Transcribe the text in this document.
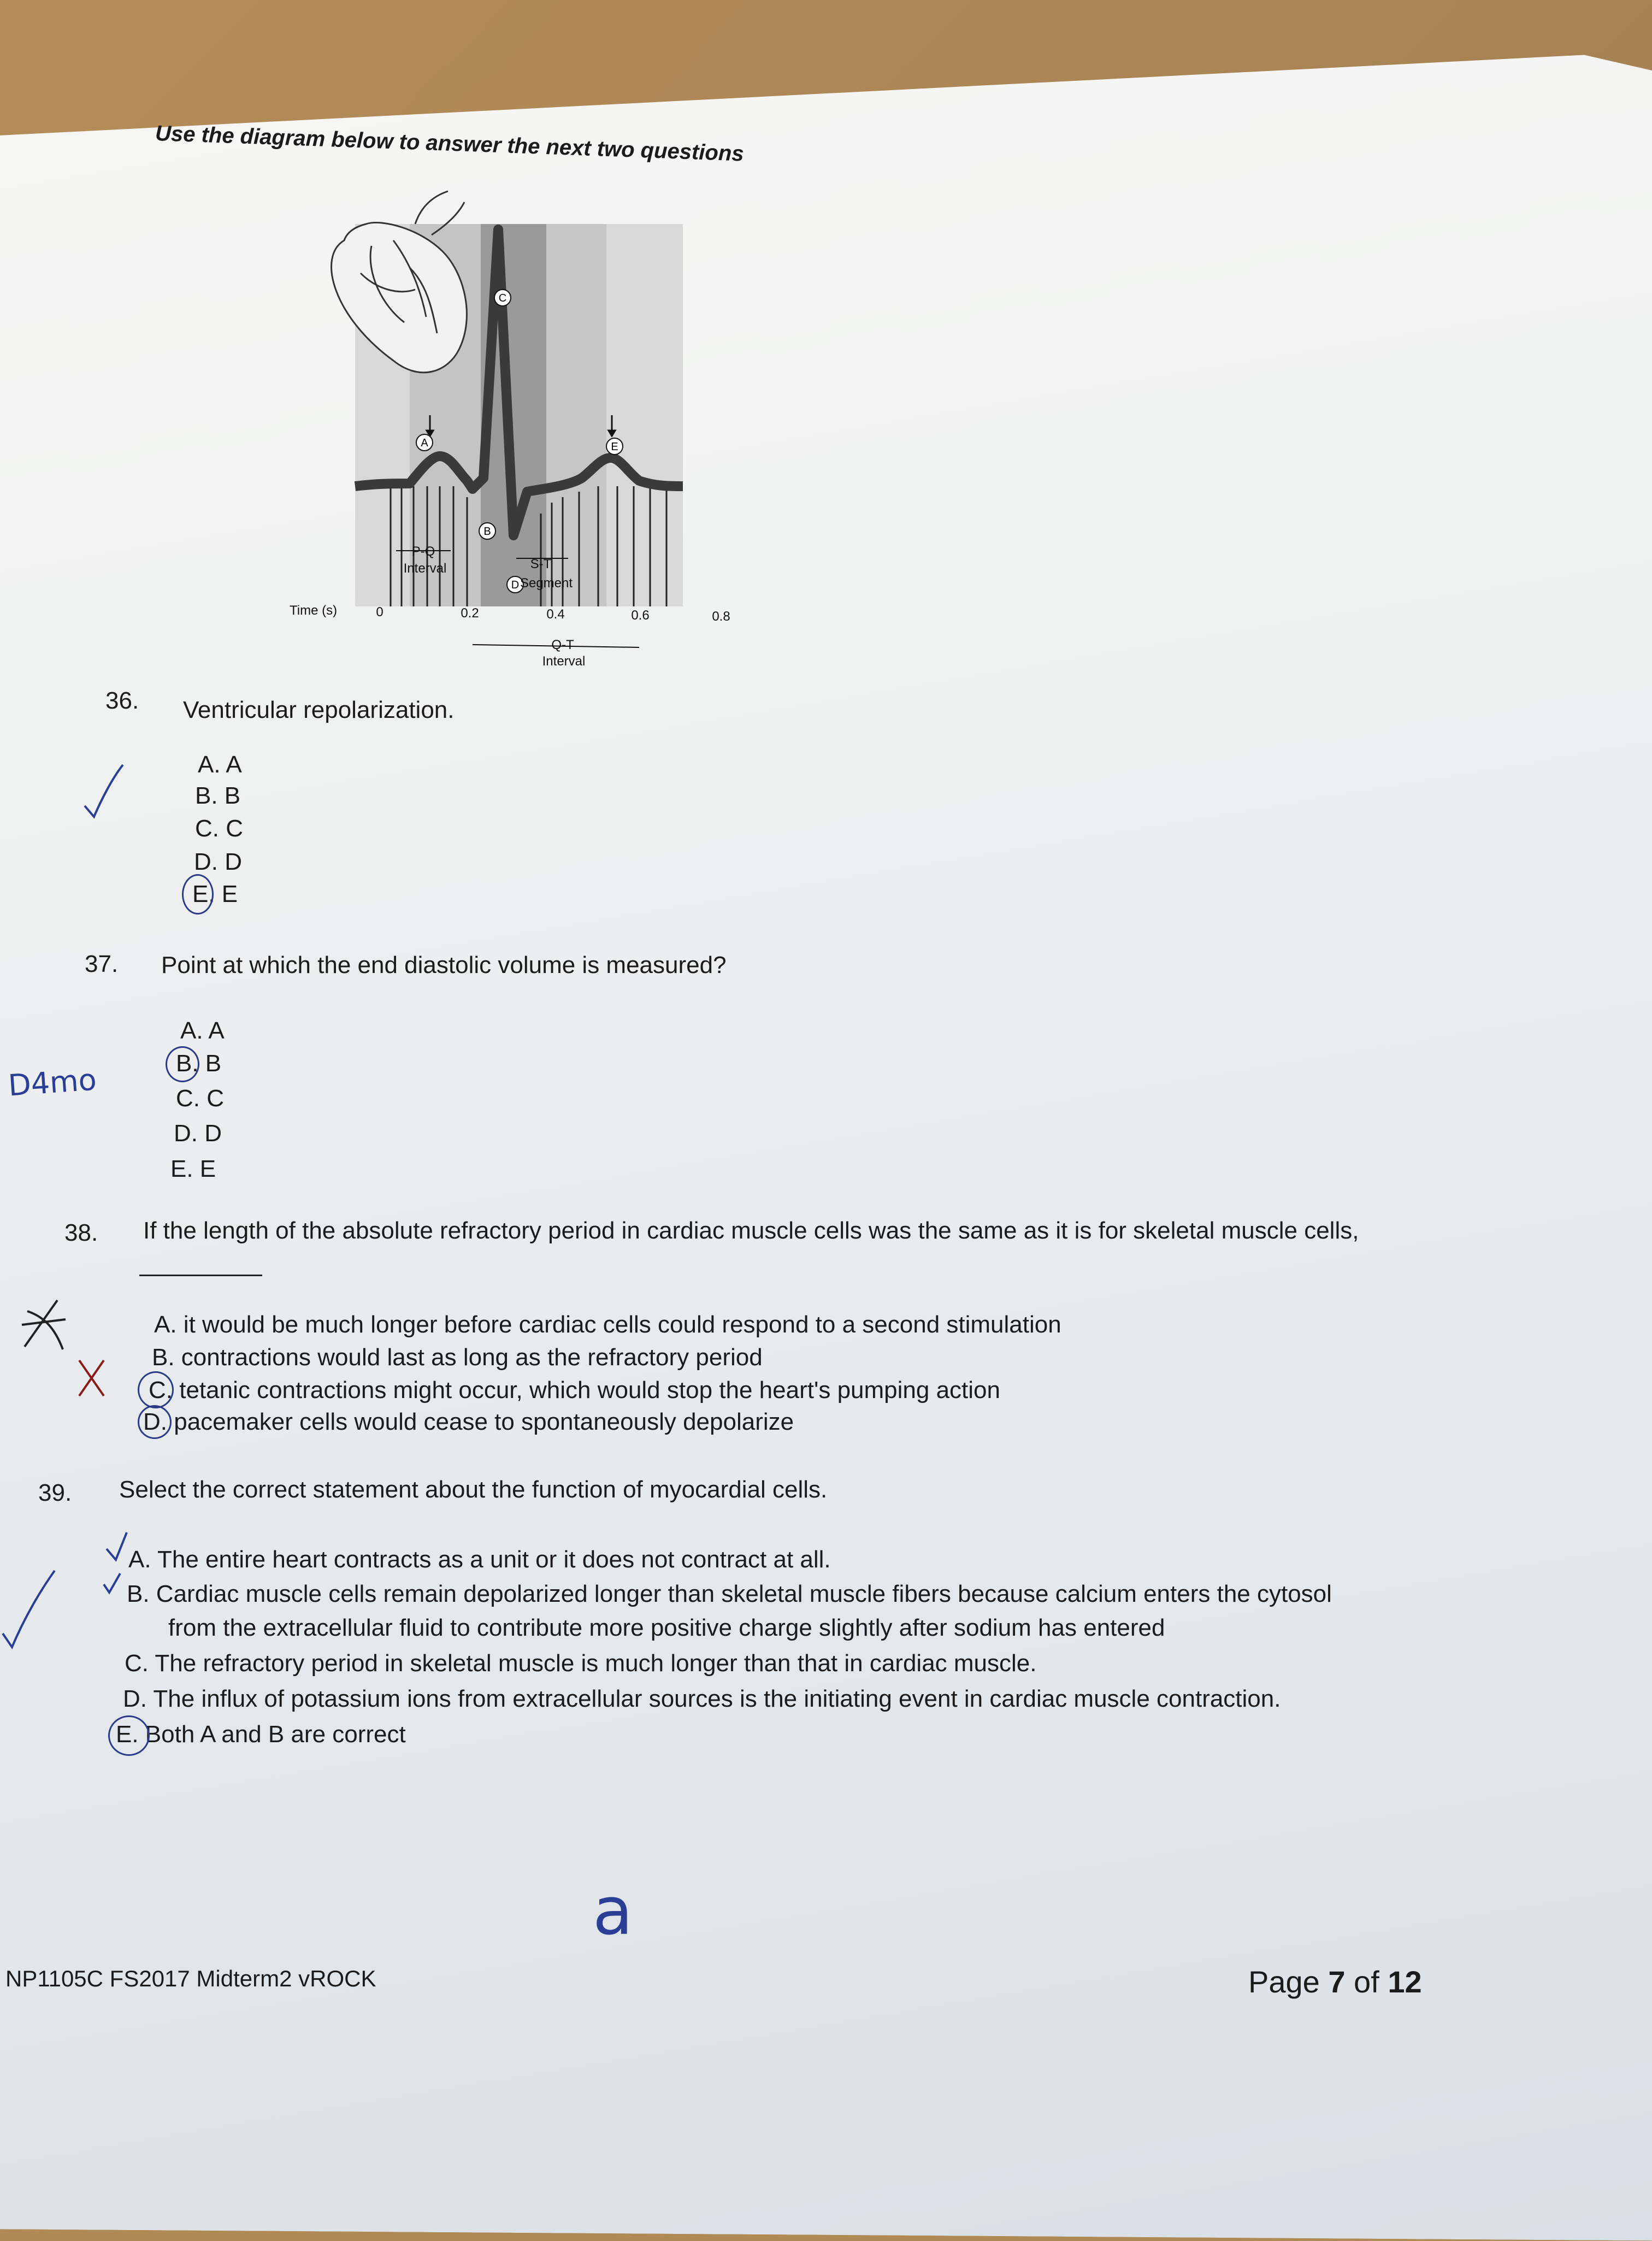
Use the diagram below to answer the next two questions
C
A	E
B
D
P-Q
Interval	S-T
Segment
Time (s)	0	0.2	0.4	0.6	0.8
Q-T
Interval
36. Ventricular repolarization.
A. A
B. B
C. C
D. D
E. E
37. Point at which the end diastolic volume is measured?
A. A
B. B
C. C
D. D
E. E
D4mo
38. If the length of the absolute refractory period in cardiac muscle cells was the same as it is for skeletal muscle cells,
A. it would be much longer before cardiac cells could respond to a second stimulation
B. contractions would last as long as the refractory period
C. tetanic contractions might occur, which would stop the heart's pumping action
D. pacemaker cells would cease to spontaneously depolarize
39. Select the correct statement about the function of myocardial cells.
A. The entire heart contracts as a unit or it does not contract at all.
B. Cardiac muscle cells remain depolarized longer than skeletal muscle fibers because calcium enters the cytosol
from the extracellular fluid to contribute more positive charge slightly after sodium has entered
C. The refractory period in skeletal muscle is much longer than that in cardiac muscle.
D. The influx of potassium ions from extracellular sources is the initiating event in cardiac muscle contraction.
E. Both A and B are correct
a
NP1105C FS2017 Midterm2 vROCK	Page 7 of 12
